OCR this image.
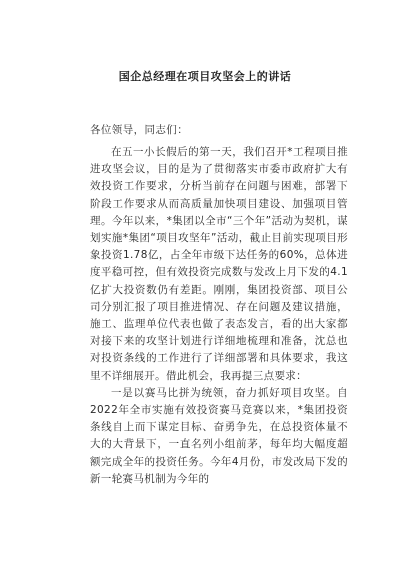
国企总经理在项目攻坚会上的讲话
各位领导，同志们：

在五一小长假后的第一天，我们召开*工程项目推进攻坚会议，目的是为了贯彻落实市委市政府扩大有效投资工作要求，分析当前存在问题与困难，部署下阶段工作要求从而高质量加快项目建设、加强项目管理。今年以来，*集团以全市“三个年”活动为契机，谋划实施*集团“项目攻坚年”活动，截止目前实现项目形象投资1.78亿，占全年市级下达任务的60%，总体进度平稳可控，但有效投资完成数与发改上月下发的4.1亿扩大投资数仍有差距。刚刚，集团投资部、项目公司分别汇报了项目推进情况、存在问题及建议措施，施工、监理单位代表也做了表态发言，看的出大家都对接下来的攻坚计划进行详细地梳理和准备，沈总也对投资条线的工作进行了详细部署和具体要求，我这里不详细展开。借此机会，我再提三点要求：

一是以赛马比拼为统领，奋力抓好项目攻坚。自2022年全市实施有效投资赛马竞赛以来，*集团投资条线自上而下谋定目标、奋勇争先，在总投资体量不大的大背景下，一直名列小组前茅，每年均大幅度超额完成全年的投资任务。今年4月份，市发改局下发的新一轮赛马机制为今年的
